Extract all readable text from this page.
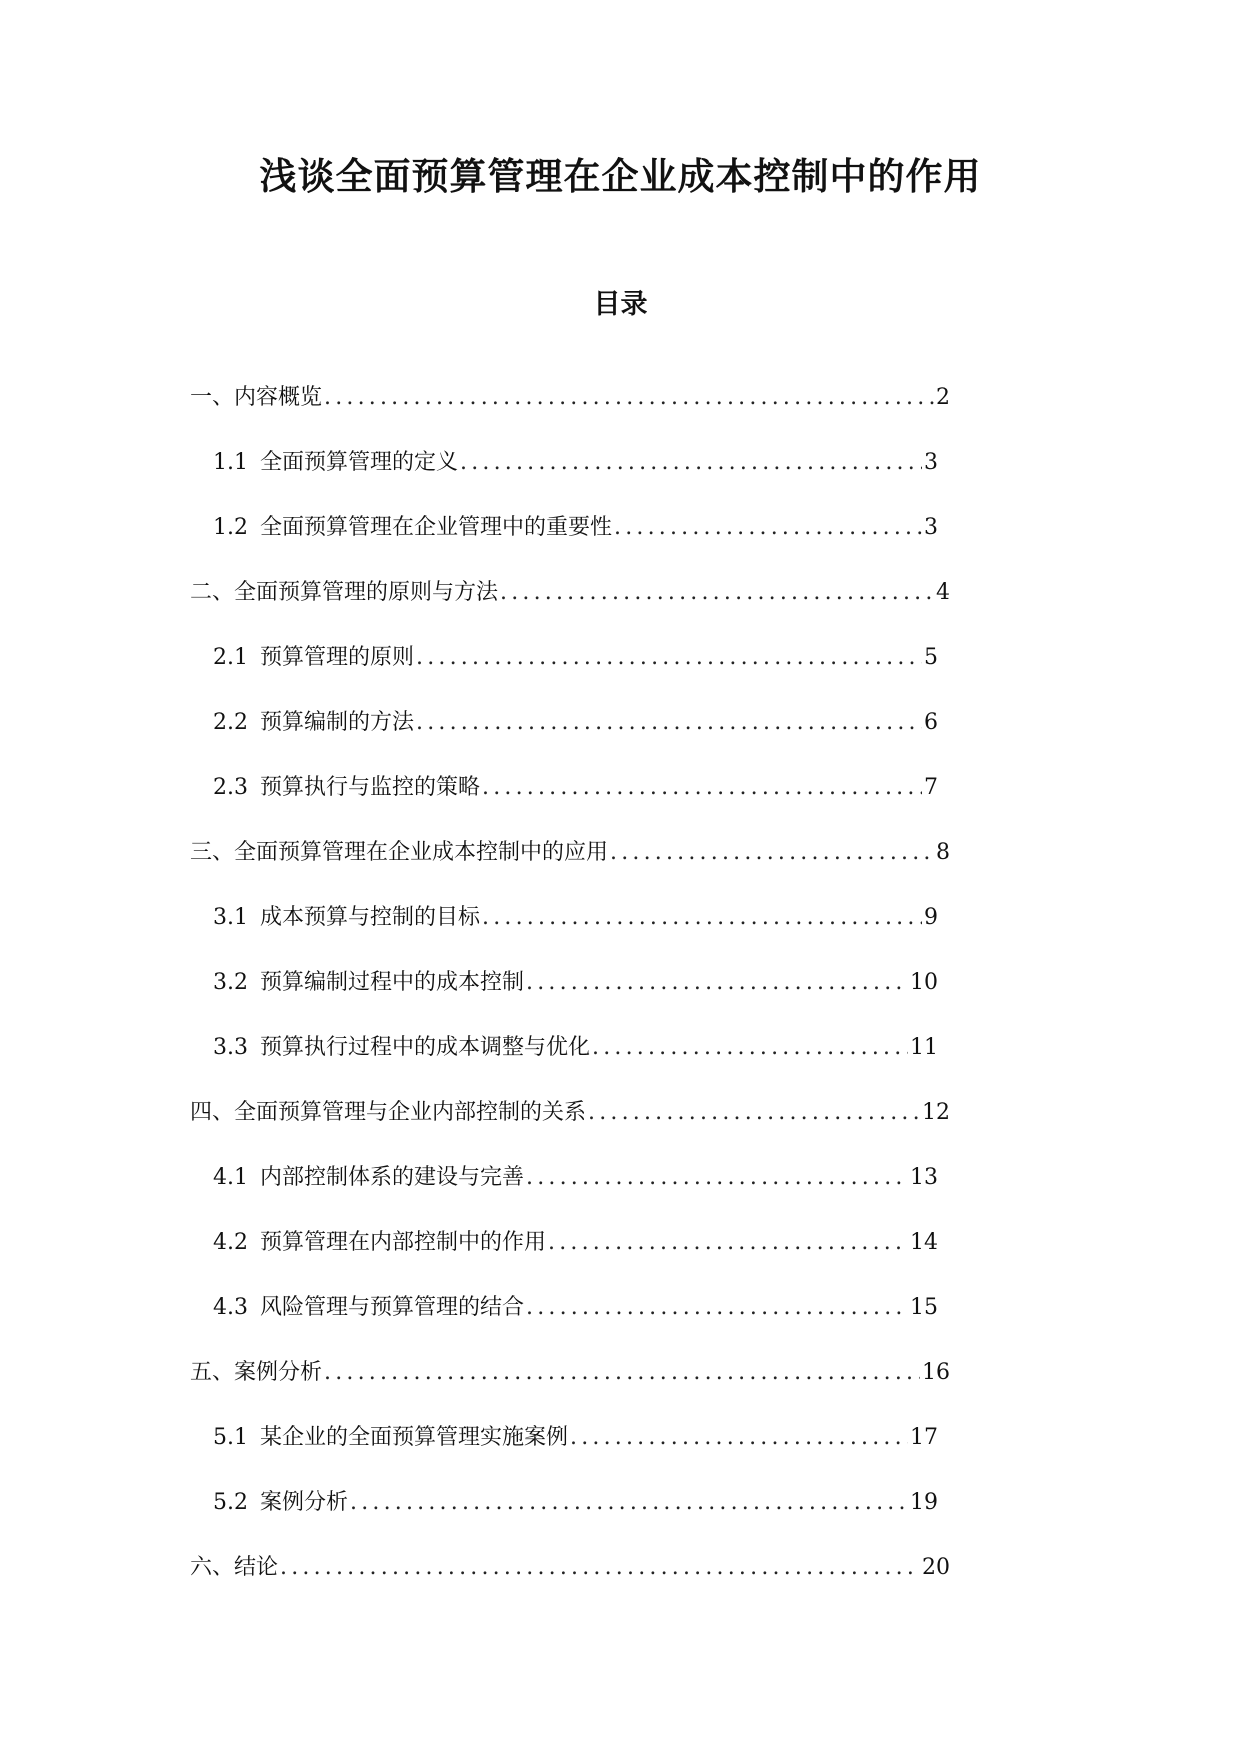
浅谈全面预算管理在企业成本控制中的作用
目录
一、内容概览 .....	2
1.1 全面预算管理的定义 .....	3
1.2 全面预算管理在企业管理中的重要性 .....	3
二、全面预算管理的原则与方法 .....	4
2.1 预算管理的原则 .....	5
2.2 预算编制的方法 .....	6
2.3 预算执行与监控的策略 .....	7
三、全面预算管理在企业成本控制中的应用 .....	8
3.1 成本预算与控制的目标 .....	9
3.2 预算编制过程中的成本控制 .....	10
3.3 预算执行过程中的成本调整与优化 .....	11
四、全面预算管理与企业内部控制的关系 .....	12
4.1 内部控制体系的建设与完善 .....	13
4.2 预算管理在内部控制中的作用 .....	14
4.3 风险管理与预算管理的结合 .....	15
五、案例分析 .....	16
5.1 某企业的全面预算管理实施案例 .....	17
5.2 案例分析 .....	19
六、结论 .....	20
